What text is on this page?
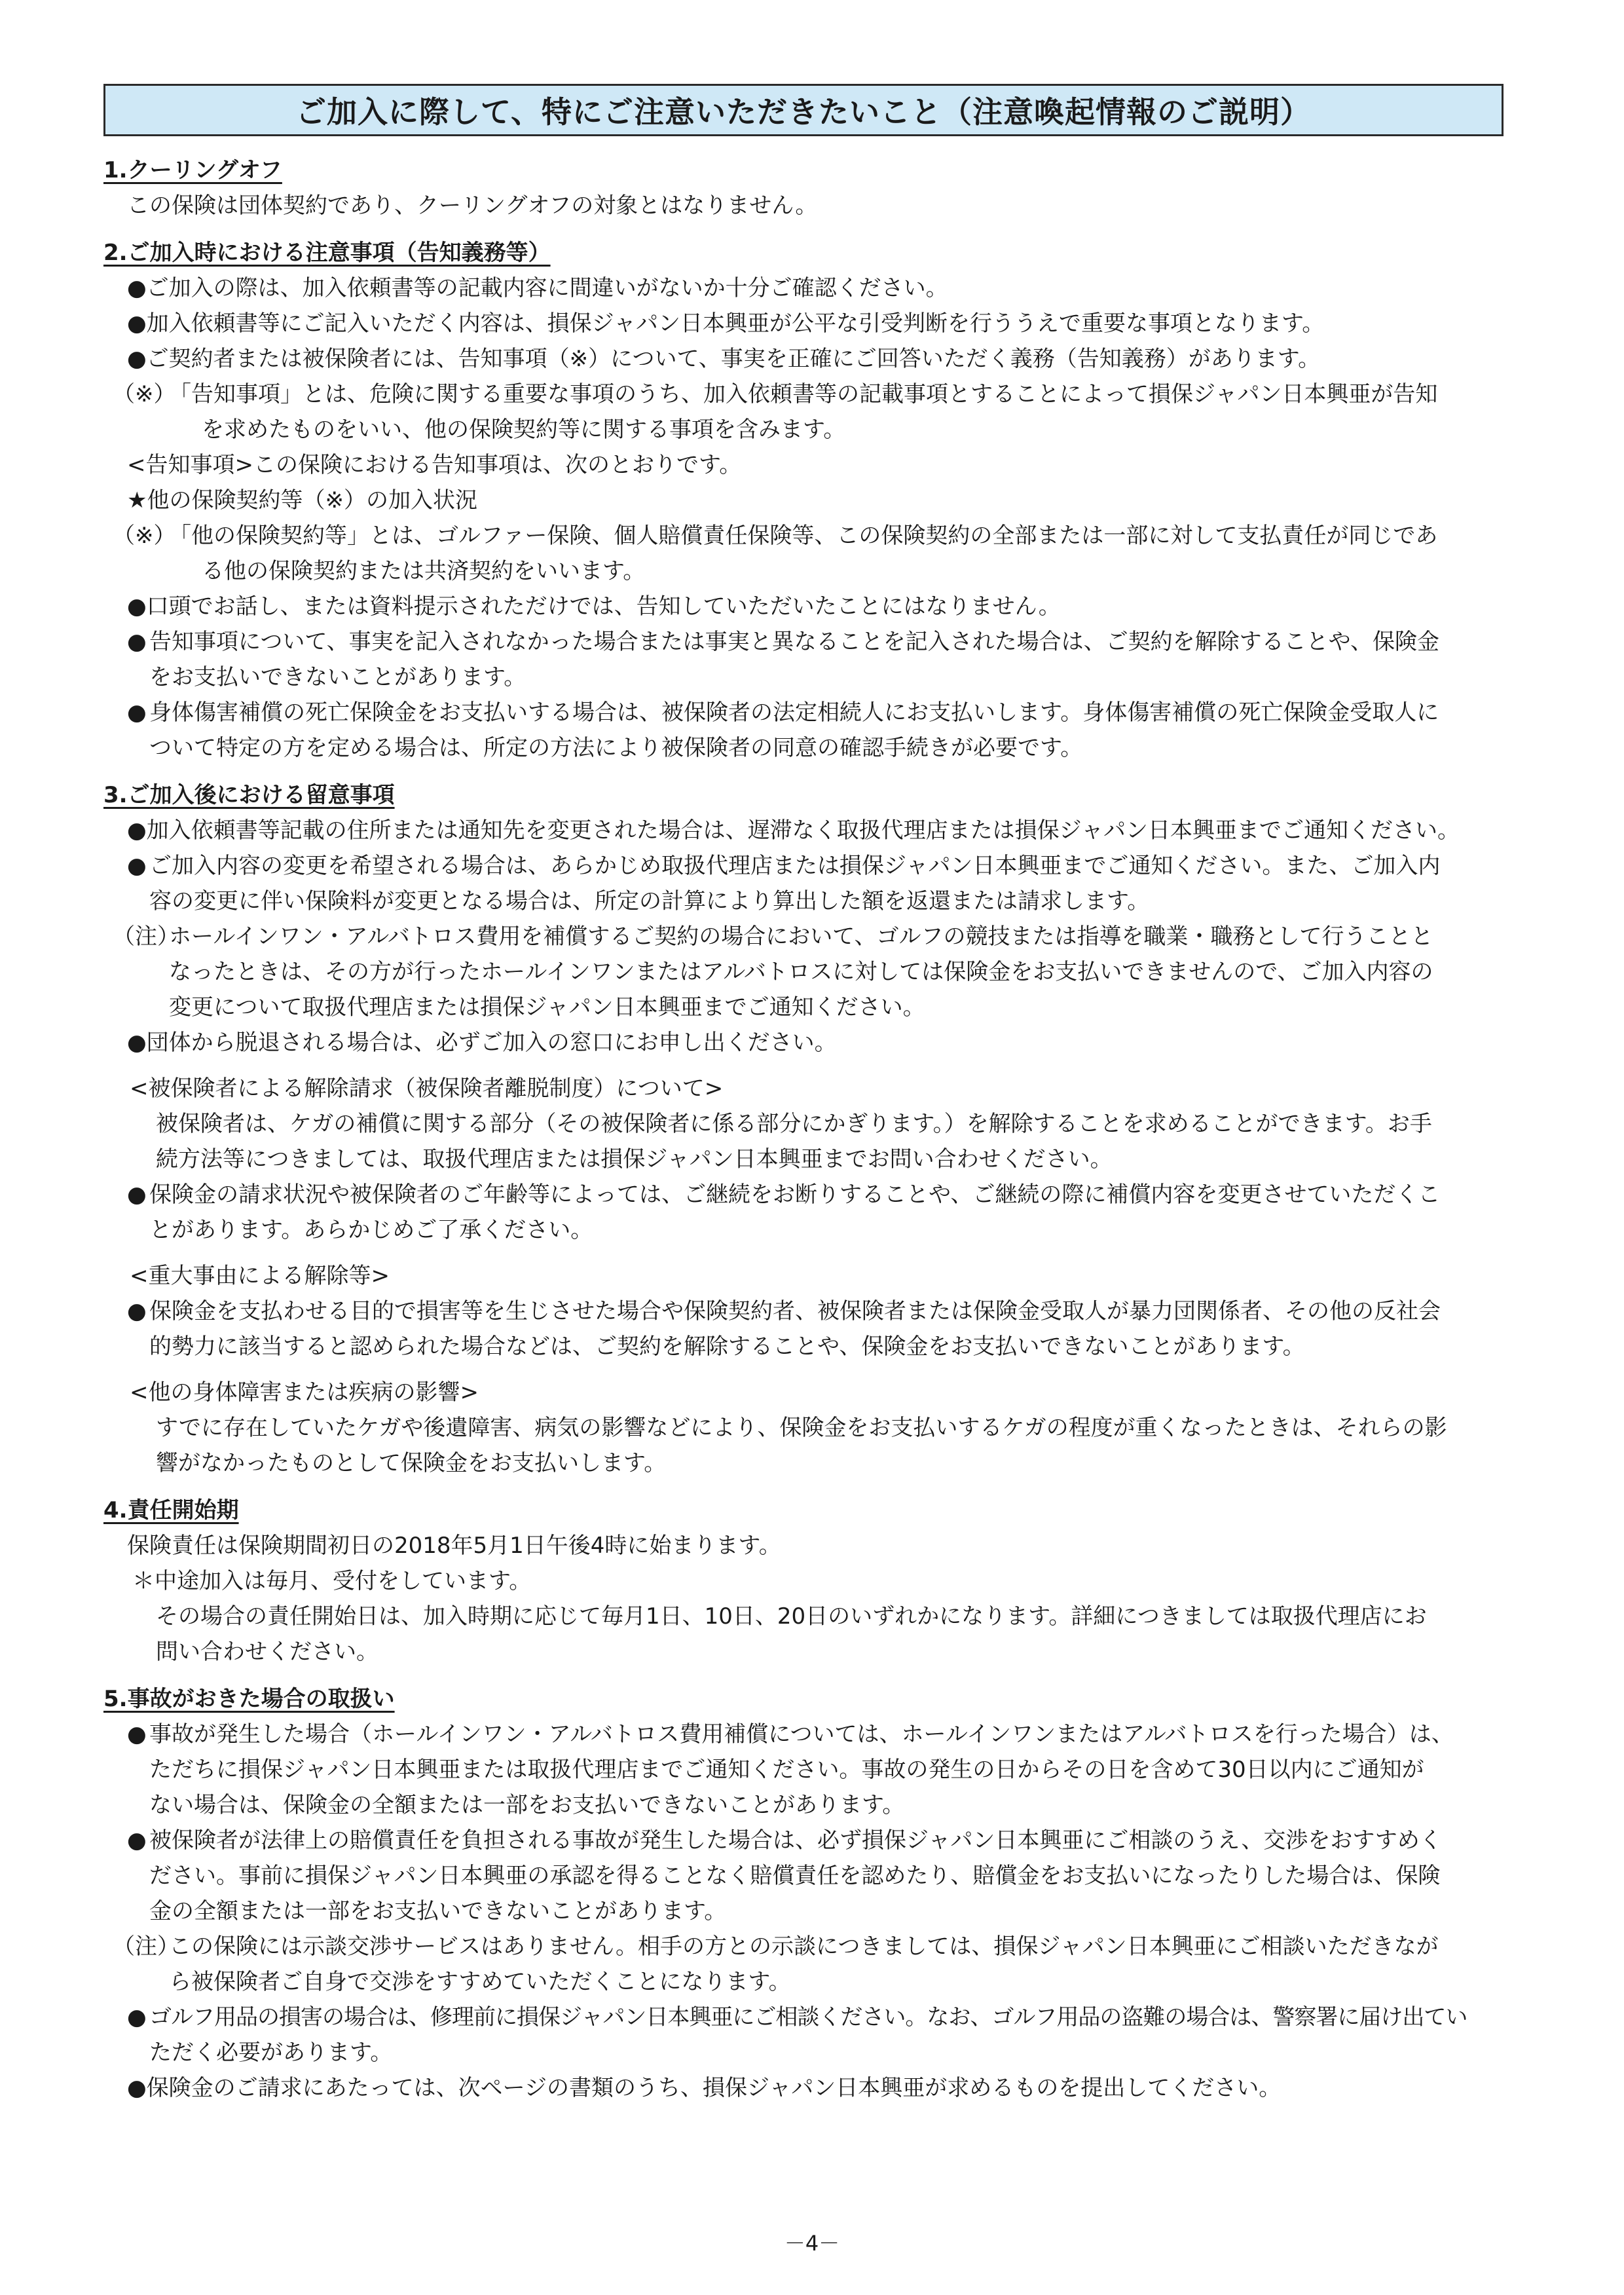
ご加入に際して、特にご注意いただきたいこと（注意喚起情報のご説明）
1.クーリングオフ
この保険は団体契約であり、クーリングオフの対象とはなりません。
2.ご加入時における注意事項（告知義務等）
●ご加入の際は、加入依頼書等の記載内容に間違いがないか十分ご確認ください。
●加入依頼書等にご記入いただく内容は、損保ジャパン日本興亜が公平な引受判断を行ううえで重要な事項となります。
●ご契約者または被保険者には、告知事項（※）について、事実を正確にご回答いただく義務（告知義務）があります。
（※）
「告知事項」とは、危険に関する重要な事項のうち、加入依頼書等の記載事項とすることによって損保ジャパン日本興亜が告知
を求めたものをいい、他の保険契約等に関する事項を含みます。
<告知事項>この保険における告知事項は、次のとおりです。
★他の保険契約等（※）の加入状況
（※）
「他の保険契約等」とは、ゴルファー保険、個人賠償責任保険等、この保険契約の全部または一部に対して支払責任が同じであ
る他の保険契約または共済契約をいいます。
●口頭でお話し、または資料提示されただけでは、告知していただいたことにはなりません。
● 告知事項について、事実を記入されなかった場合または事実と異なることを記入された場合は、ご契約を解除することや、保険金
をお支払いできないことがあります。
● 身体傷害補償の死亡保険金をお支払いする場合は、被保険者の法定相続人にお支払いします。身体傷害補償の死亡保険金受取人に
ついて特定の方を定める場合は、所定の方法により被保険者の同意の確認手続きが必要です。
3.ご加入後における留意事項
●加入依頼書等記載の住所または通知先を変更された場合は、遅滞なく取扱代理店または損保ジャパン日本興亜までご通知ください。
● ご加入内容の変更を希望される場合は、あらかじめ取扱代理店または損保ジャパン日本興亜までご通知ください。また、ご加入内
容の変更に伴い保険料が変更となる場合は、所定の計算により算出した額を返還または請求します。
（注）
ホールインワン・アルバトロス費用を補償するご契約の場合において、ゴルフの競技または指導を職業・職務として行うことと
なったときは、その方が行ったホールインワンまたはアルバトロスに対しては保険金をお支払いできませんので、ご加入内容の
変更について取扱代理店または損保ジャパン日本興亜までご通知ください。
●団体から脱退される場合は、必ずご加入の窓口にお申し出ください。
<被保険者による解除請求（被保険者離脱制度）について>
被保険者は、ケガの補償に関する部分（その被保険者に係る部分にかぎります。）を解除することを求めることができます。お手
続方法等につきましては、取扱代理店または損保ジャパン日本興亜までお問い合わせください。
● 保険金の請求状況や被保険者のご年齢等によっては、ご継続をお断りすることや、ご継続の際に補償内容を変更させていただくこ
とがあります。あらかじめご了承ください。
<重大事由による解除等>
● 保険金を支払わせる目的で損害等を生じさせた場合や保険契約者、被保険者または保険金受取人が暴力団関係者、その他の反社会
的勢力に該当すると認められた場合などは、ご契約を解除することや、保険金をお支払いできないことがあります。
<他の身体障害または疾病の影響>
すでに存在していたケガや後遺障害、病気の影響などにより、保険金をお支払いするケガの程度が重くなったときは、それらの影
響がなかったものとして保険金をお支払いします。
4.責任開始期
保険責任は保険期間初日の2018年5月1日午後4時に始まります。
＊中途加入は毎月、受付をしています。
その場合の責任開始日は、加入時期に応じて毎月1日、10日、20日のいずれかになります。詳細につきましては取扱代理店にお
問い合わせください。
5.事故がおきた場合の取扱い
● 事故が発生した場合（ホールインワン・アルバトロス費用補償については、ホールインワンまたはアルバトロスを行った場合）は、
ただちに損保ジャパン日本興亜または取扱代理店までご通知ください。事故の発生の日からその日を含めて30日以内にご通知が
ない場合は、保険金の全額または一部をお支払いできないことがあります。
● 被保険者が法律上の賠償責任を負担される事故が発生した場合は、必ず損保ジャパン日本興亜にご相談のうえ、交渉をおすすめく
ださい。事前に損保ジャパン日本興亜の承認を得ることなく賠償責任を認めたり、賠償金をお支払いになったりした場合は、保険
金の全額または一部をお支払いできないことがあります。
（注）
この保険には示談交渉サービスはありません。相手の方との示談につきましては、損保ジャパン日本興亜にご相談いただきなが
ら被保険者ご自身で交渉をすすめていただくことになります。
● ゴルフ用品の損害の場合は、修理前に損保ジャパン日本興亜にご相談ください。なお、ゴルフ用品の盗難の場合は、警察署に届け出てい
ただく必要があります。
●保険金のご請求にあたっては、次ページの書類のうち、損保ジャパン日本興亜が求めるものを提出してください。
－4－
